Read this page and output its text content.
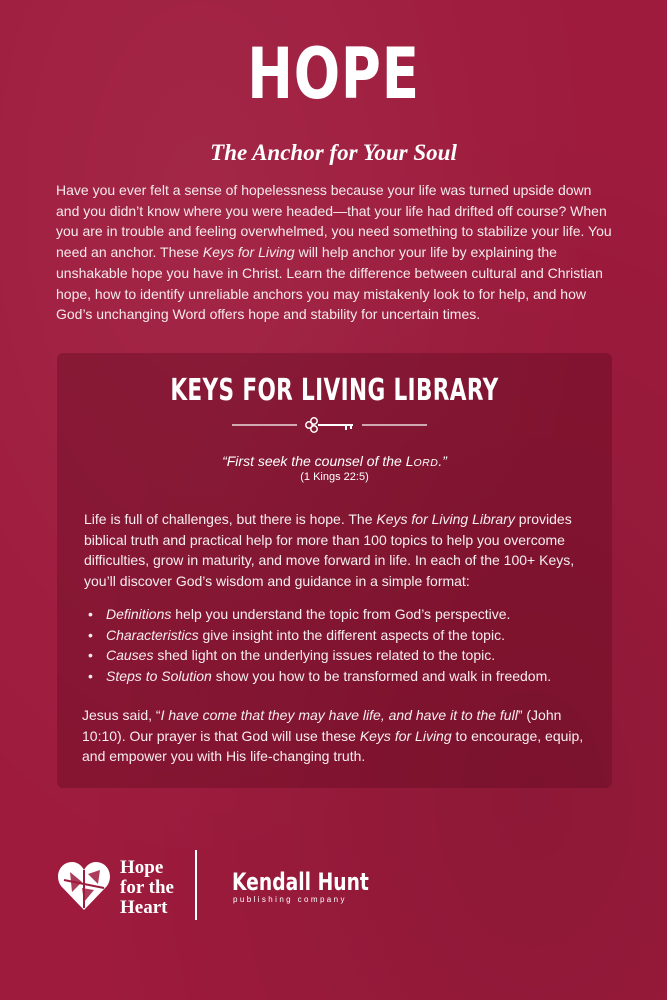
HOPE
The Anchor for Your Soul

Have you ever felt a sense of hopelessness because your life was turned upside down and you didn’t know where you were headed—that your life had drifted off course? When you are in trouble and feeling overwhelmed, you need something to stabilize your life. You need an anchor. These Keys for Living will help anchor your life by explaining the unshakable hope you have in Christ. Learn the difference between cultural and Christian hope, how to identify unreliable anchors you may mistakenly look to for help, and how God’s unchanging Word offers hope and stability for uncertain times.

KEYS FOR LIVING LIBRARY
“First seek the counsel of the LORD.”
(1 Kings 22:5)

Life is full of challenges, but there is hope. The Keys for Living Library provides biblical truth and practical help for more than 100 topics to help you overcome difficulties, grow in maturity, and move forward in life. In each of the 100+ Keys, you’ll discover God’s wisdom and guidance in a simple format:

• Definitions help you understand the topic from God’s perspective.
• Characteristics give insight into the different aspects of the topic.
• Causes shed light on the underlying issues related to the topic.
• Steps to Solution show you how to be transformed and walk in freedom.

Jesus said, “I have come that they may have life, and have it to the full” (John 10:10). Our prayer is that God will use these Keys for Living to encourage, equip, and empower you with His life-changing truth.

Hope
for the
Heart
Kendall Hunt
publishing company
